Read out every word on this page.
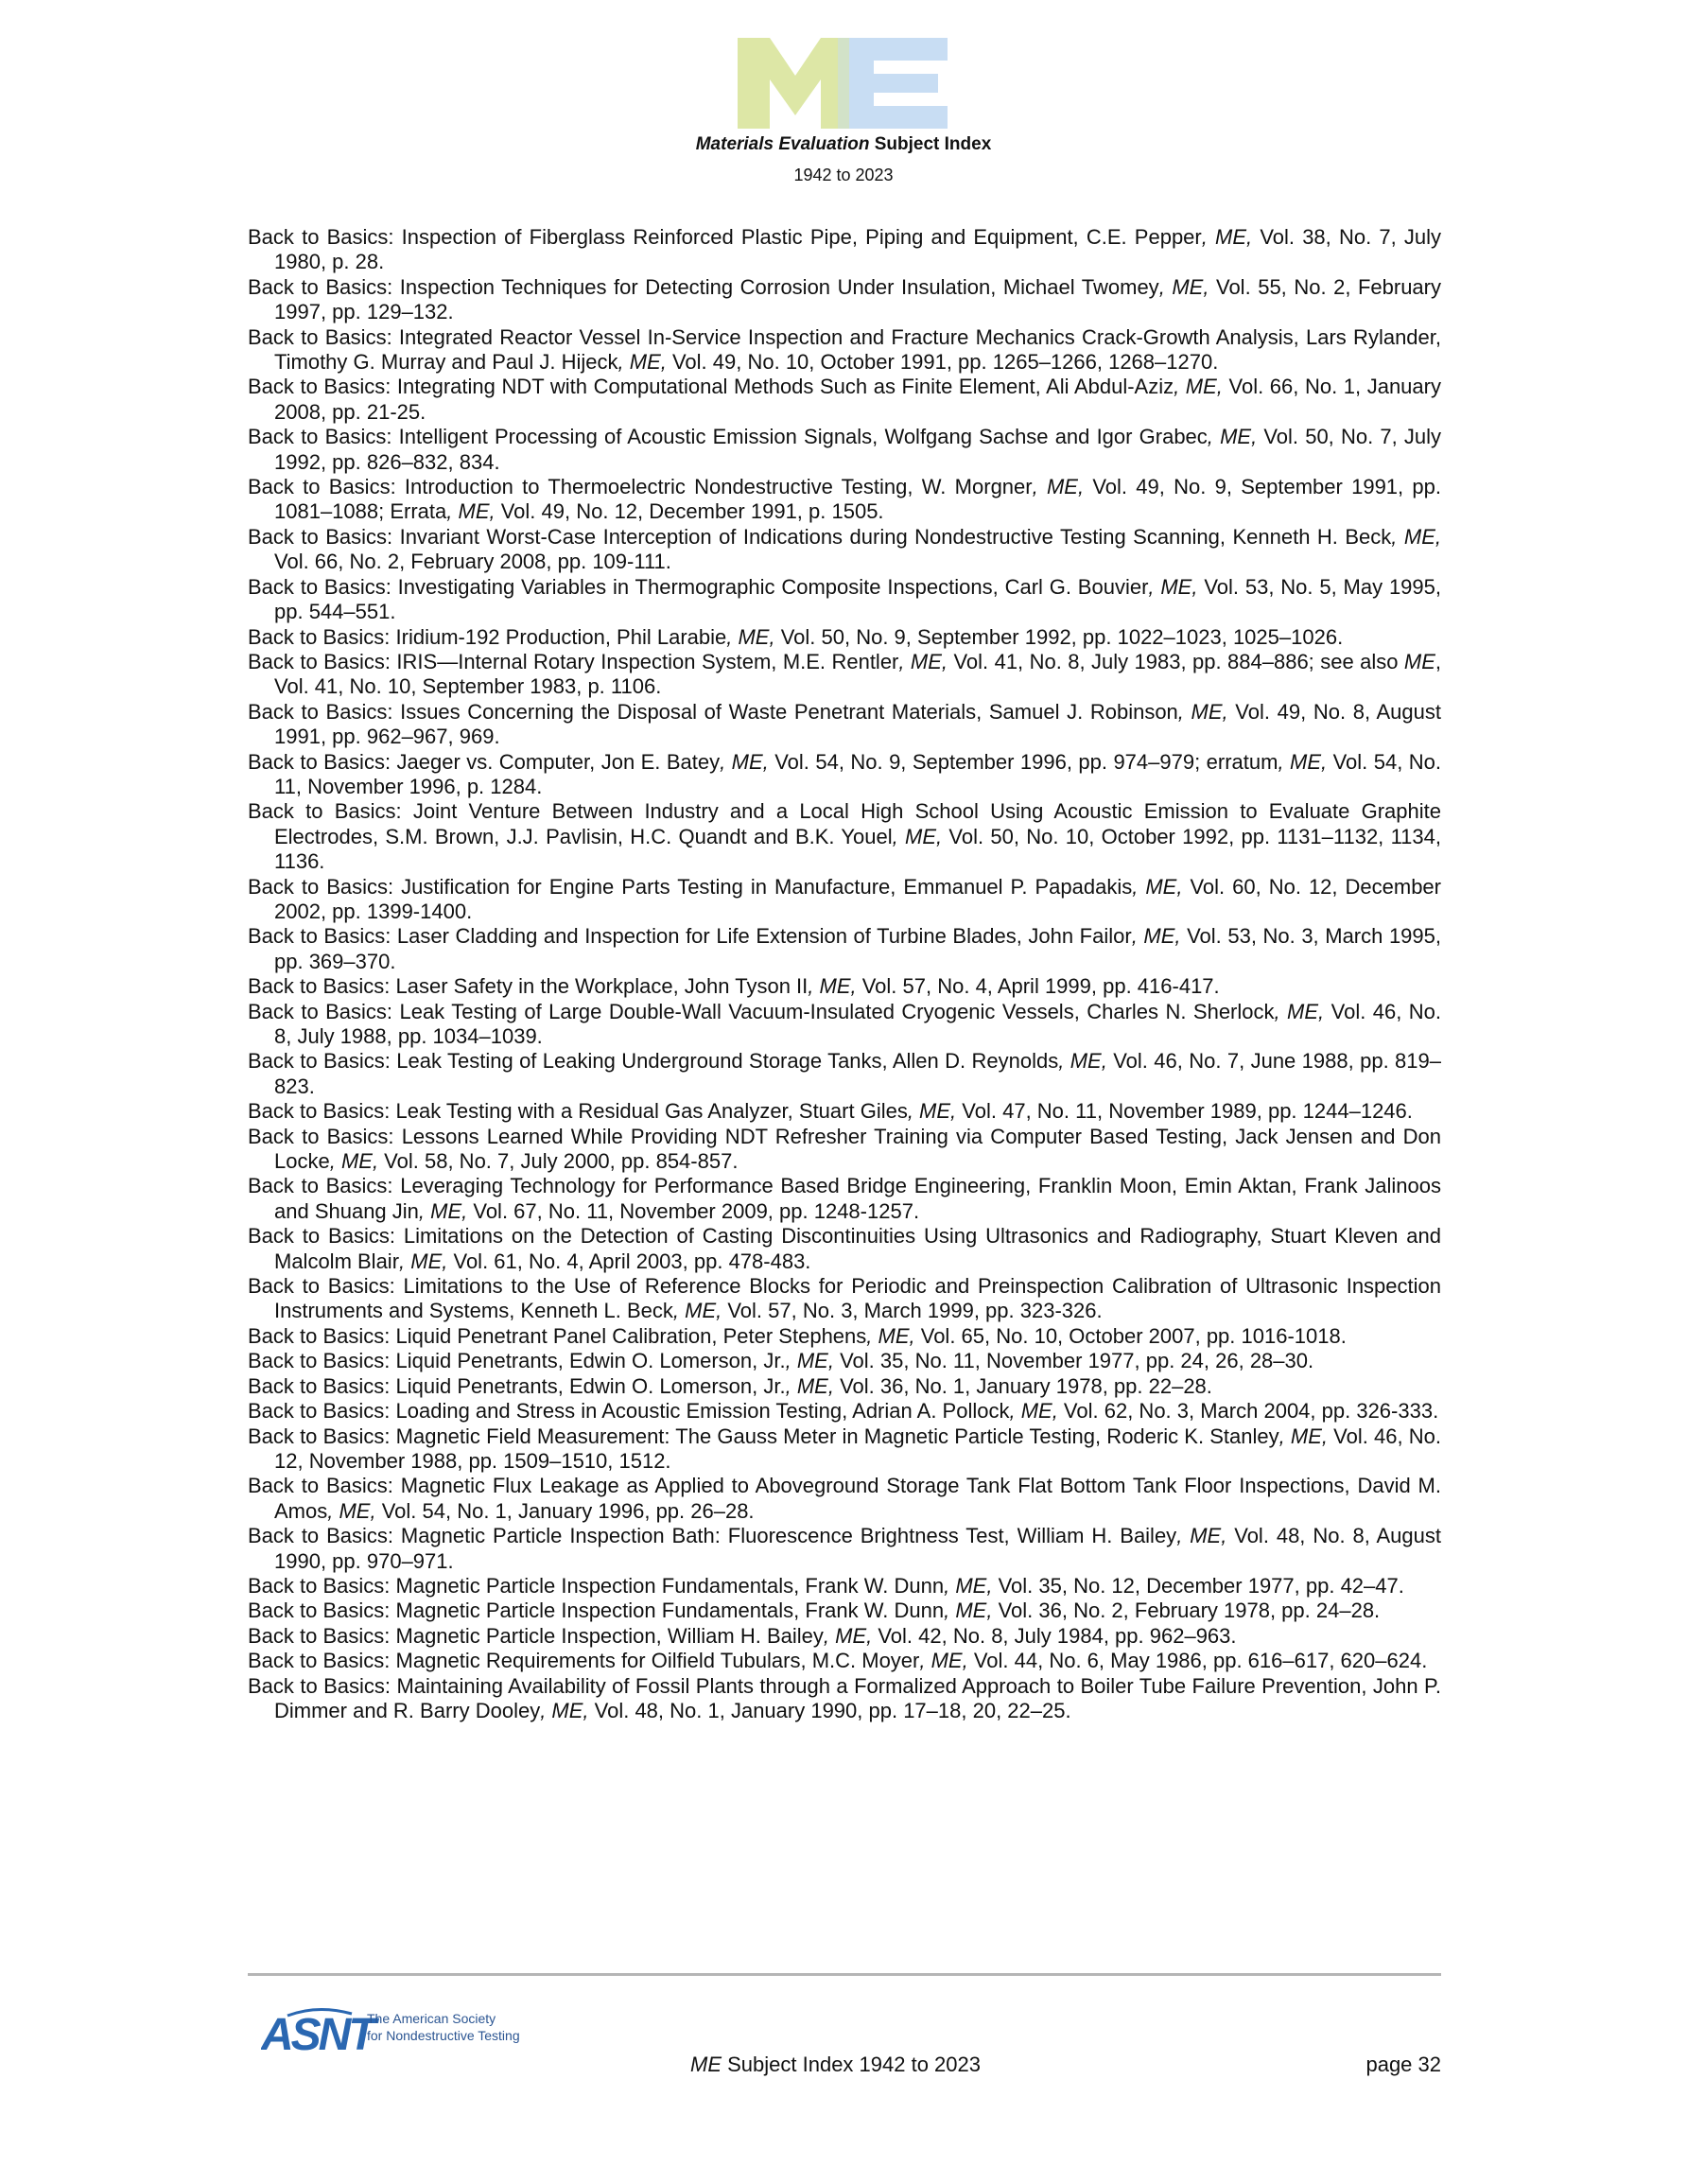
Materials Evaluation Subject Index
1942 to 2023

Back to Basics: Inspection of Fiberglass Reinforced Plastic Pipe, Piping and Equipment, C.E. Pepper, ME, Vol. 38, No. 7, July 1980, p. 28.

Back to Basics: Inspection Techniques for Detecting Corrosion Under Insulation, Michael Twomey, ME, Vol. 55, No. 2, February 1997, pp. 129–132.

Back to Basics: Integrated Reactor Vessel In-Service Inspection and Fracture Mechanics Crack-Growth Analysis, Lars Rylander, Timothy G. Murray and Paul J. Hijeck, ME, Vol. 49, No. 10, October 1991, pp. 1265–1266, 1268–1270.

Back to Basics: Integrating NDT with Computational Methods Such as Finite Element, Ali Abdul-Aziz, ME, Vol. 66, No. 1, January 2008, pp. 21-25.

Back to Basics: Intelligent Processing of Acoustic Emission Signals, Wolfgang Sachse and Igor Grabec, ME, Vol. 50, No. 7, July 1992, pp. 826–832, 834.

Back to Basics: Introduction to Thermoelectric Nondestructive Testing, W. Morgner, ME, Vol. 49, No. 9, September 1991, pp. 1081–1088; Errata, ME, Vol. 49, No. 12, December 1991, p. 1505.

Back to Basics: Invariant Worst-Case Interception of Indications during Nondestructive Testing Scanning, Kenneth H. Beck, ME, Vol. 66, No. 2, February 2008, pp. 109-111.

Back to Basics: Investigating Variables in Thermographic Composite Inspections, Carl G. Bouvier, ME, Vol. 53, No. 5, May 1995, pp. 544–551.

Back to Basics: Iridium-192 Production, Phil Larabie, ME, Vol. 50, No. 9, September 1992, pp. 1022–1023, 1025–1026.

Back to Basics: IRIS—Internal Rotary Inspection System, M.E. Rentler, ME, Vol. 41, No. 8, July 1983, pp. 884–886; see also ME, Vol. 41, No. 10, September 1983, p. 1106.

Back to Basics: Issues Concerning the Disposal of Waste Penetrant Materials, Samuel J. Robinson, ME, Vol. 49, No. 8, August 1991, pp. 962–967, 969.

Back to Basics: Jaeger vs. Computer, Jon E. Batey, ME, Vol. 54, No. 9, September 1996, pp. 974–979; erratum, ME, Vol. 54, No. 11, November 1996, p. 1284.

Back to Basics: Joint Venture Between Industry and a Local High School Using Acoustic Emission to Evaluate Graphite Electrodes, S.M. Brown, J.J. Pavlisin, H.C. Quandt and B.K. Youel, ME, Vol. 50, No. 10, October 1992, pp. 1131–1132, 1134, 1136.

Back to Basics: Justification for Engine Parts Testing in Manufacture, Emmanuel P. Papadakis, ME, Vol. 60, No. 12, December 2002, pp. 1399-1400.

Back to Basics: Laser Cladding and Inspection for Life Extension of Turbine Blades, John Failor, ME, Vol. 53, No. 3, March 1995, pp. 369–370.

Back to Basics: Laser Safety in the Workplace, John Tyson II, ME, Vol. 57, No. 4, April 1999, pp. 416-417.

Back to Basics: Leak Testing of Large Double-Wall Vacuum-Insulated Cryogenic Vessels, Charles N. Sherlock, ME, Vol. 46, No. 8, July 1988, pp. 1034–1039.

Back to Basics: Leak Testing of Leaking Underground Storage Tanks, Allen D. Reynolds, ME, Vol. 46, No. 7, June 1988, pp. 819–823.

Back to Basics: Leak Testing with a Residual Gas Analyzer, Stuart Giles, ME, Vol. 47, No. 11, November 1989, pp. 1244–1246.

Back to Basics: Lessons Learned While Providing NDT Refresher Training via Computer Based Testing, Jack Jensen and Don Locke, ME, Vol. 58, No. 7, July 2000, pp. 854-857.

Back to Basics: Leveraging Technology for Performance Based Bridge Engineering, Franklin Moon, Emin Aktan, Frank Jalinoos and Shuang Jin, ME, Vol. 67, No. 11, November 2009, pp. 1248-1257.

Back to Basics: Limitations on the Detection of Casting Discontinuities Using Ultrasonics and Radiography, Stuart Kleven and Malcolm Blair, ME, Vol. 61, No. 4, April 2003, pp. 478-483.

Back to Basics: Limitations to the Use of Reference Blocks for Periodic and Preinspection Calibration of Ultrasonic Inspection Instruments and Systems, Kenneth L. Beck, ME, Vol. 57, No. 3, March 1999, pp. 323-326.

Back to Basics: Liquid Penetrant Panel Calibration, Peter Stephens, ME, Vol. 65, No. 10, October 2007, pp. 1016-1018.

Back to Basics: Liquid Penetrants, Edwin O. Lomerson, Jr., ME, Vol. 35, No. 11, November 1977, pp. 24, 26, 28–30.

Back to Basics: Liquid Penetrants, Edwin O. Lomerson, Jr., ME, Vol. 36, No. 1, January 1978, pp. 22–28.

Back to Basics: Loading and Stress in Acoustic Emission Testing, Adrian A. Pollock, ME, Vol. 62, No. 3, March 2004, pp. 326-333.

Back to Basics: Magnetic Field Measurement: The Gauss Meter in Magnetic Particle Testing, Roderic K. Stanley, ME, Vol. 46, No. 12, November 1988, pp. 1509–1510, 1512.

Back to Basics: Magnetic Flux Leakage as Applied to Aboveground Storage Tank Flat Bottom Tank Floor Inspections, David M. Amos, ME, Vol. 54, No. 1, January 1996, pp. 26–28.

Back to Basics: Magnetic Particle Inspection Bath: Fluorescence Brightness Test, William H. Bailey, ME, Vol. 48, No. 8, August 1990, pp. 970–971.

Back to Basics: Magnetic Particle Inspection Fundamentals, Frank W. Dunn, ME, Vol. 35, No. 12, December 1977, pp. 42–47.

Back to Basics: Magnetic Particle Inspection Fundamentals, Frank W. Dunn, ME, Vol. 36, No. 2, February 1978, pp. 24–28.

Back to Basics: Magnetic Particle Inspection, William H. Bailey, ME, Vol. 42, No. 8, July 1984, pp. 962–963.

Back to Basics: Magnetic Requirements for Oilfield Tubulars, M.C. Moyer, ME, Vol. 44, No. 6, May 1986, pp. 616–617, 620–624.

Back to Basics: Maintaining Availability of Fossil Plants through a Formalized Approach to Boiler Tube Failure Prevention, John P. Dimmer and R. Barry Dooley, ME, Vol. 48, No. 1, January 1990, pp. 17–18, 20, 22–25.

ASNT
The American Society
for Nondestructive Testing
ME Subject Index 1942 to 2023	page 32
